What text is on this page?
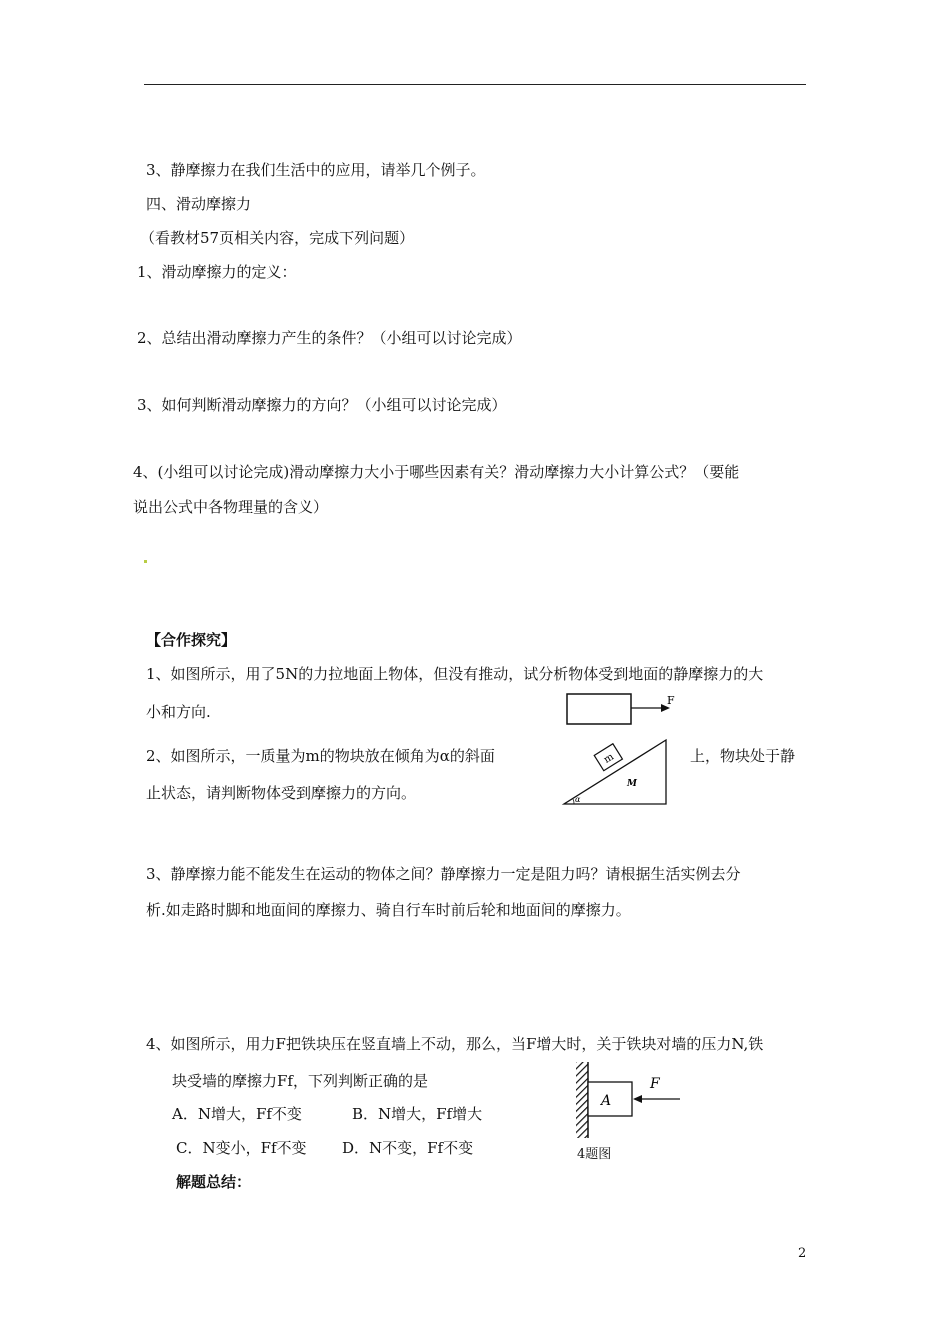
3、静摩擦力在我们生活中的应用，请举几个例子。
四、滑动摩擦力
（看教材57页相关内容，完成下列问题）
1、滑动摩擦力的定义：
2、总结出滑动摩擦力产生的条件？（小组可以讨论完成）
3、如何判断滑动摩擦力的方向？（小组可以讨论完成）
4、(小组可以讨论完成)滑动摩擦力大小于哪些因素有关？滑动摩擦力大小计算公式？（要能
说出公式中各物理量的含义）
【合作探究】
1、如图所示，用了5N的力拉地面上物体，但没有推动，试分析物体受到地面的静摩擦力的大
小和方向.
F
2、如图所示，一质量为m的物块放在倾角为α的斜面	m
M
α
上，物块处于静
止状态，请判断物体受到摩擦力的方向。
3、静摩擦力能不能发生在运动的物体之间？静摩擦力一定是阻力吗？请根据生活实例去分
析.如走路时脚和地面间的摩擦力、骑自行车时前后轮和地面间的摩擦力。
4、如图所示，用力F把铁块压在竖直墙上不动，那么，当F增大时，关于铁块对墙的压力N,铁
块受墙的摩擦力Ff，下列判断正确的是
A．N增大，Ff不变	B．N增大，Ff增大
C．N变小，Ff不变 D．N不变，Ff不变
A
F
4题图
解题总结：
2
